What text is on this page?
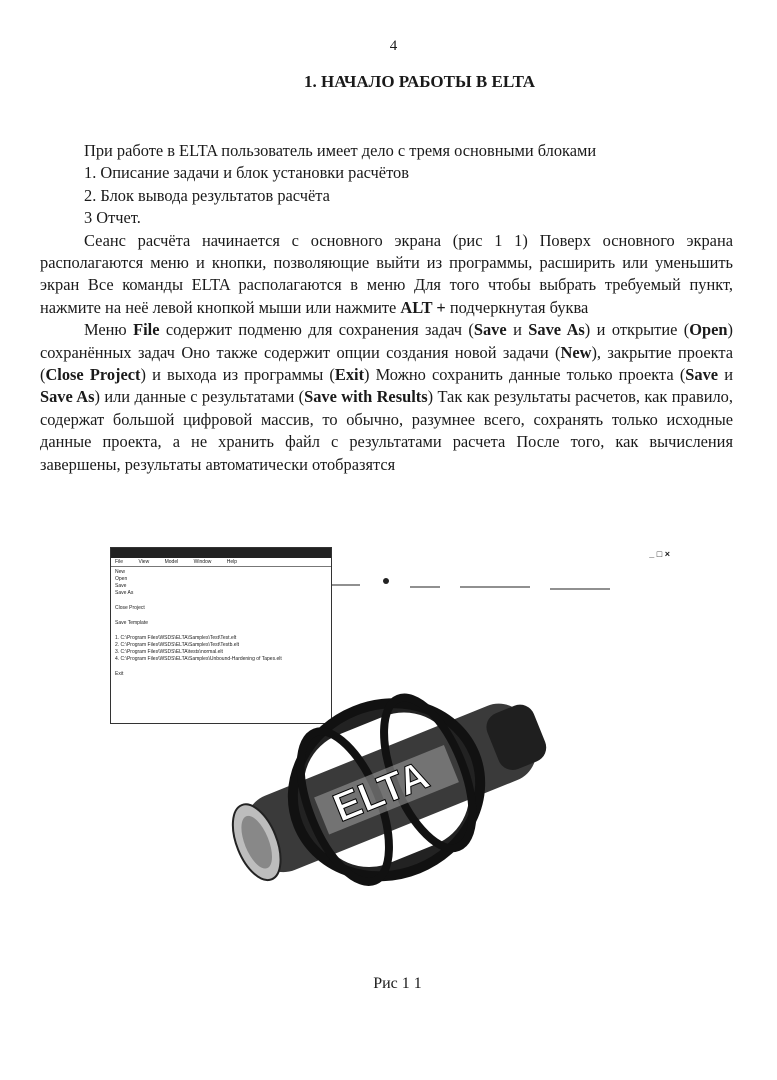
4
1. НАЧАЛО РАБОТЫ В ELTA

При работе в ELTA пользователь имеет дело с тремя основными блоками

1. Описание задачи и блок установки расчётов

2. Блок вывода результатов расчёта

3 Отчет.

Сеанс расчёта начинается с основного экрана (рис 1 1) Поверх основного экрана располагаются меню и кнопки, позволяющие выйти из программы, расширить или уменьшить экран Все команды ELTA располагаются в меню Для того чтобы выбрать требуемый пункт, нажмите на неё левой кнопкой мыши или нажмите ALT + подчеркнутая буква

Меню File содержит подменю для сохранения задач (Save и Save As) и открытие (Open) сохранённых задач Оно также содержит опции создания новой задачи (New), закрытие проекта (Close Project) и выхода из программы (Exit) Можно сохранить данные только проекта (Save и Save As) или данные с результатами (Save with Results) Так как результаты расчетов, как правило, содержат большой цифровой массив, то обычно, разумнее всего, сохранять только исходные данные проекта, а не хранить файл с результатами расчета После того, как вычисления завершены, результаты автоматически отобразятся

File	View	Model	Window	Help
New
Open
Save
Save As
Close Project
Save Template
1. C:\Program Files\WSDS\ELTA\Samples\Test\Test.elt
2. C:\Program Files\WSDS\ELTA\Samples\Test\Testb.elt
3. C:\Program Files\WSDS\ELTA\tests\normal.elt
4. C:\Program Files\WSDS\ELTA\Samples\Unbound-Hardening of Tapes.elt
Exit
_ □ ×
ELTA
Рис 1 1
